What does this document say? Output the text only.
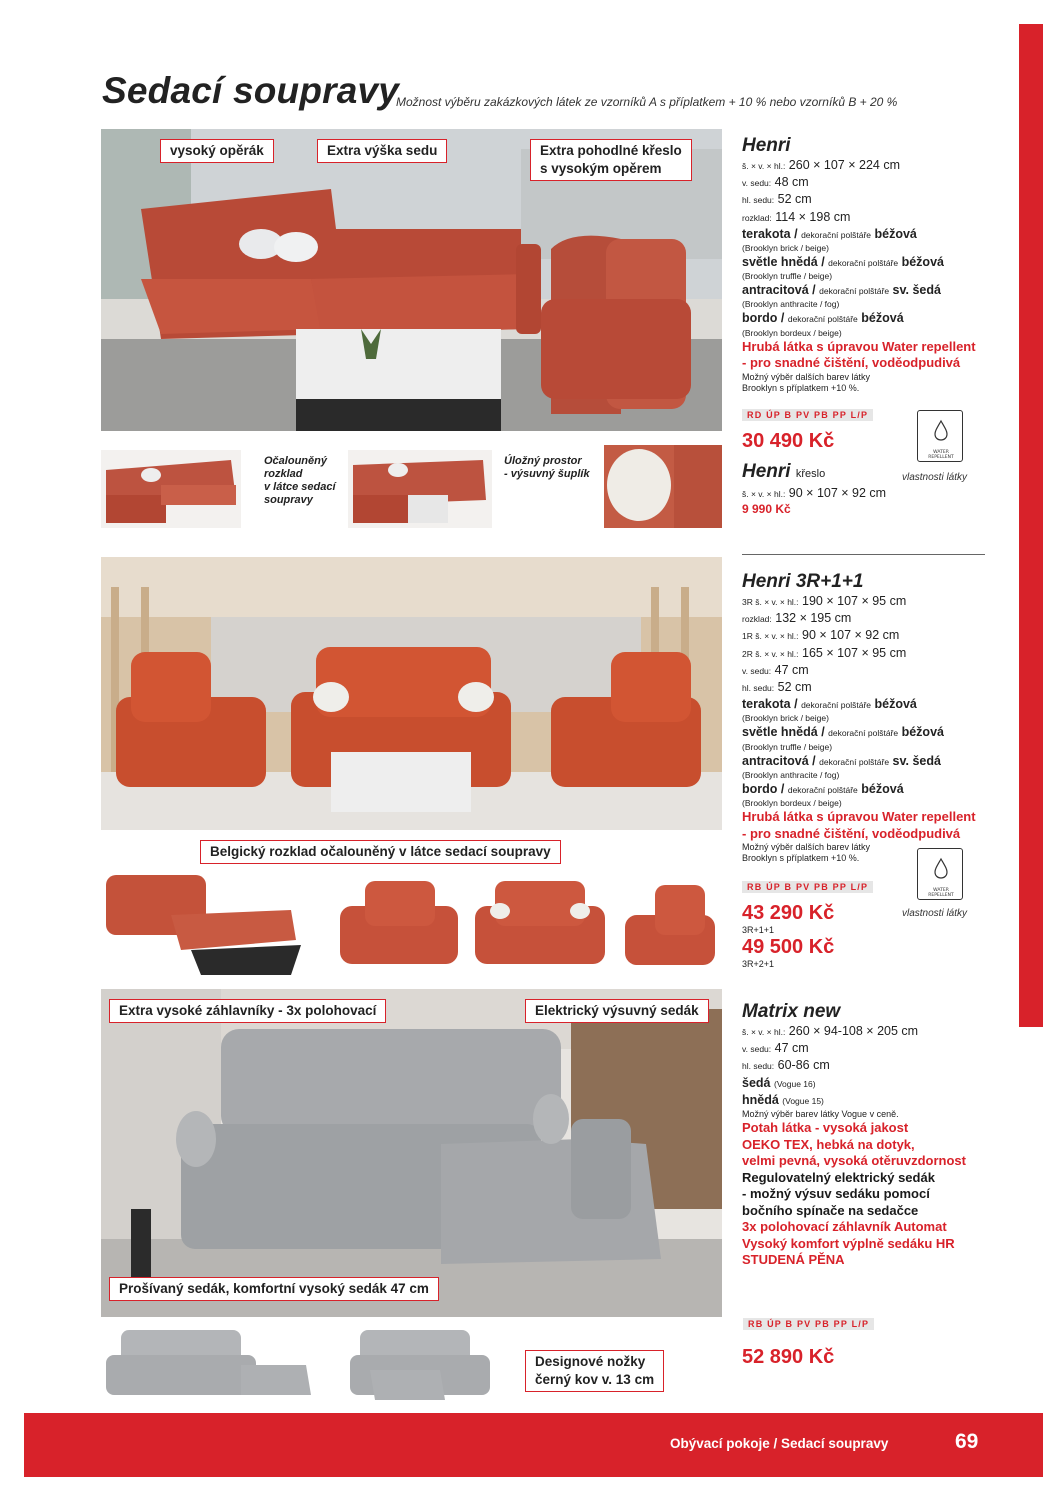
Sedací soupravy
Možnost výběru zakázkových látek ze vzorníků A s příplatkem + 10 % nebo vzorníků B + 20 %
vysoký opěrák	Extra výška sedu	Extra pohodlné křeslo
s vysokým opěrem
Očalouněný
rozklad
v látce sedací
soupravy
Úložný prostor
- výsuvný šuplík
Henri
š. × v. × hl.: 260 × 107 × 224 cm
v. sedu: 48 cm
hl. sedu: 52 cm
rozklad: 114 × 198 cm
terakota / dekorační polštáře béžová
(Brooklyn brick / beige)
světle hnědá / dekorační polštáře béžová
(Brooklyn truffle / beige)
antracitová / dekorační polštáře sv. šedá
(Brooklyn anthracite / fog)
bordo / dekorační polštáře béžová
(Brooklyn bordeux / beige)
Hrubá látka s úpravou Water repellent
- pro snadné čištění, voděodpudivá
Možný výběr dalších barev látky
Brooklyn s příplatkem +10 %.
RD ÚP B PV PB PP L/P
30 490 Kč
Henri křeslo
š. × v. × hl.: 90 × 107 × 92 cm
9 990 Kč
WATER
REPELLENT
vlastnosti látky
Belgický rozklad očalouněný v látce sedací soupravy
Henri 3R+1+1
3R š. × v. × hl.: 190 × 107 × 95 cm
rozklad: 132 × 195 cm
1R š. × v. × hl.: 90 × 107 × 92 cm
2R š. × v. × hl.: 165 × 107 × 95 cm
v. sedu: 47 cm
hl. sedu: 52 cm
terakota / dekorační polštáře béžová
(Brooklyn brick / beige)
světle hnědá / dekorační polštáře béžová
(Brooklyn truffle / beige)
antracitová / dekorační polštáře sv. šedá
(Brooklyn anthracite / fog)
bordo / dekorační polštáře béžová
(Brooklyn bordeux / beige)
Hrubá látka s úpravou Water repellent
- pro snadné čištění, voděodpudivá
Možný výběr dalších barev látky
Brooklyn s příplatkem +10 %.
RB ÚP B PV PB PP L/P
43 290 Kč
3R+1+1
49 500 Kč
3R+2+1
WATER
REPELLENT
vlastnosti látky
Extra vysoké záhlavníky - 3x polohovací	Elektrický výsuvný sedák
Prošívaný sedák, komfortní vysoký sedák 47 cm
Designové nožky
černý kov v. 13 cm
Matrix new
š. × v. × hl.: 260 × 94-108 × 205 cm
v. sedu: 47 cm
hl. sedu: 60-86 cm
šedá (Vogue 16)
hnědá (Vogue 15)
Možný výběr barev látky Vogue v ceně.
Potah látka - vysoká jakost
OEKO TEX, hebká na dotyk,
velmi pevná, vysoká otěruvzdornost
Regulovatelný elektrický sedák
- možný výsuv sedáku pomocí
bočního spínače na sedačce
3x polohovací záhlavník Automat
Vysoký komfort výplně sedáku HR
STUDENÁ PĚNA
RB ÚP B PV PB PP L/P
52 890 Kč
Obývací pokoje / Sedací soupravy	69
